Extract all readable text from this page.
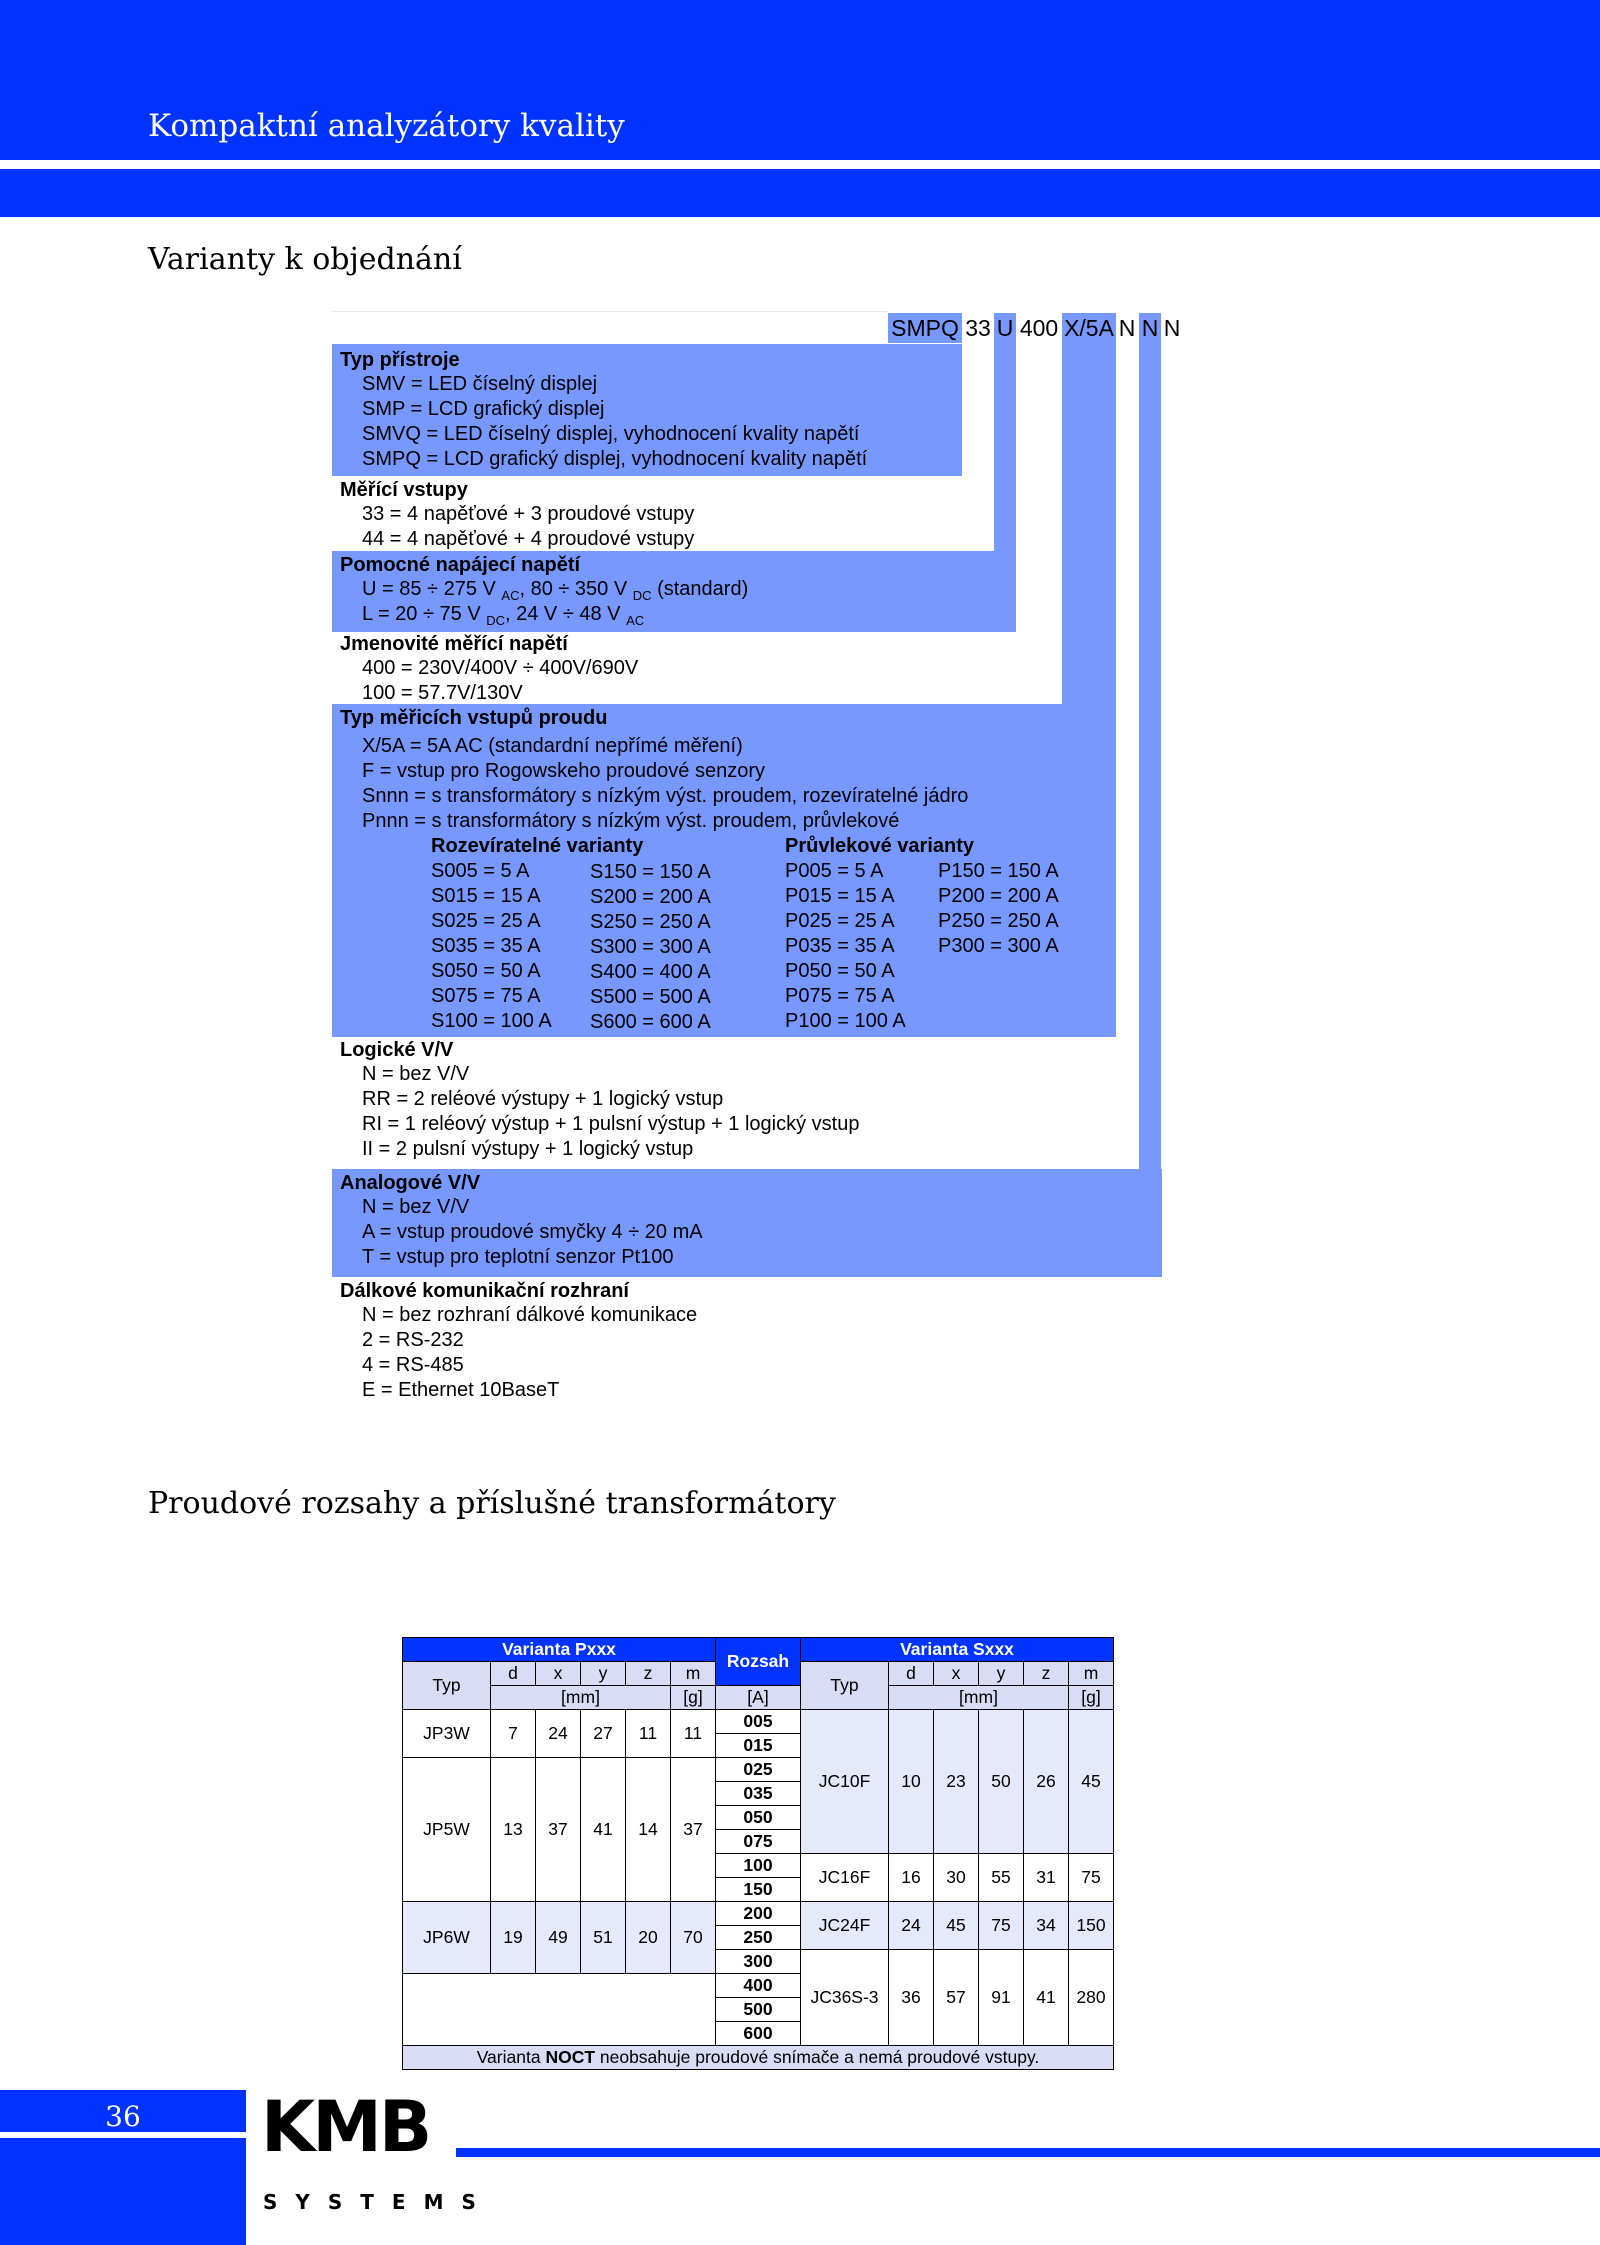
Kompaktní analyzátory kvality
Varianty k objednání
SMPQ 33 U 400 X/5A N N N
Typ přístroje
SMV = LED číselný displej
SMP = LCD grafický displej
SMVQ = LED číselný displej, vyhodnocení kvality napětí
SMPQ = LCD grafický displej, vyhodnocení kvality napětí
Měřící vstupy
33 = 4 napěťové + 3 proudové vstupy
44 = 4 napěťové + 4 proudové vstupy
Pomocné napájecí napětí
U = 85 ÷ 275 V $_{AC}$, 80 ÷ 350 V $_{DC}$ (standard)
L = 20 ÷ 75 V $_{DC}$, 24 V ÷ 48 V $_{AC}$
Jmenovité měřící napětí
400 = 230V/400V ÷ 400V/690V
100 = 57.7V/130V
Typ měřicích vstupů proudu
X/5A = 5A AC (standardní nepřímé měření)
F = vstup pro Rogowskeho proudové senzory
Snnn = s transformátory s nízkým výst. proudem, rozevíratelné jádro
Pnnn = s transformátory s nízkým výst. proudem, průvlekové
Rozevíratelné varianty
S005 = 5 A
S015 = 15 A
S025 = 25 A
S035 = 35 A
S050 = 50 A
S075 = 75 A
S100 = 100 A
S150 = 150 A
S200 = 200 A
S250 = 250 A
S300 = 300 A
S400 = 400 A
S500 = 500 A
S600 = 600 A
Průvlekové varianty
P005 = 5 A
P015 = 15 A
P025 = 25 A
P035 = 35 A
P050 = 50 A
P075 = 75 A
P100 = 100 A
P150 = 150 A
P200 = 200 A
P250 = 250 A
P300 = 300 A
Logické V/V
N = bez V/V
RR = 2 reléové výstupy + 1 logický vstup
RI = 1 reléový výstup + 1 pulsní výstup + 1 logický vstup
II = 2 pulsní výstupy + 1 logický vstup
Analogové V/V
N = bez V/V
A = vstup proudové smyčky 4 ÷ 20 mA
T = vstup pro teplotní senzor Pt100
Dálkové komunikační rozhraní
N = bez rozhraní dálkové komunikace
2 = RS-232
4 = RS-485
E = Ethernet 10BaseT
Proudové rozsahy a příslušné transformátory
Varianta Pxxx						Rozsah	Varianta Sxxx					
Typ	d	x	y	z	m		Typ	d	x	y	z	m
	[mm]				[g]	[A]		[mm]				[g]
JP3W	7	24	27	11	11	005	JC10F	10	23	50	26	45
						015						
JP5W	13	37	41	14	37	025						
						035						
						050						
						075						
						100	JC16F	16	30	55	31	75
						150						
JP6W	19	49	51	20	70	200	JC24F	24	45	75	34	150
						250						
						300	JC36S-3	36	57	91	41	280
						400						
						500						
						600						
Varianta NOCT neobsahuje proudové snímače a nemá proudové vstupy.												
36	KMB
SYSTEMS
